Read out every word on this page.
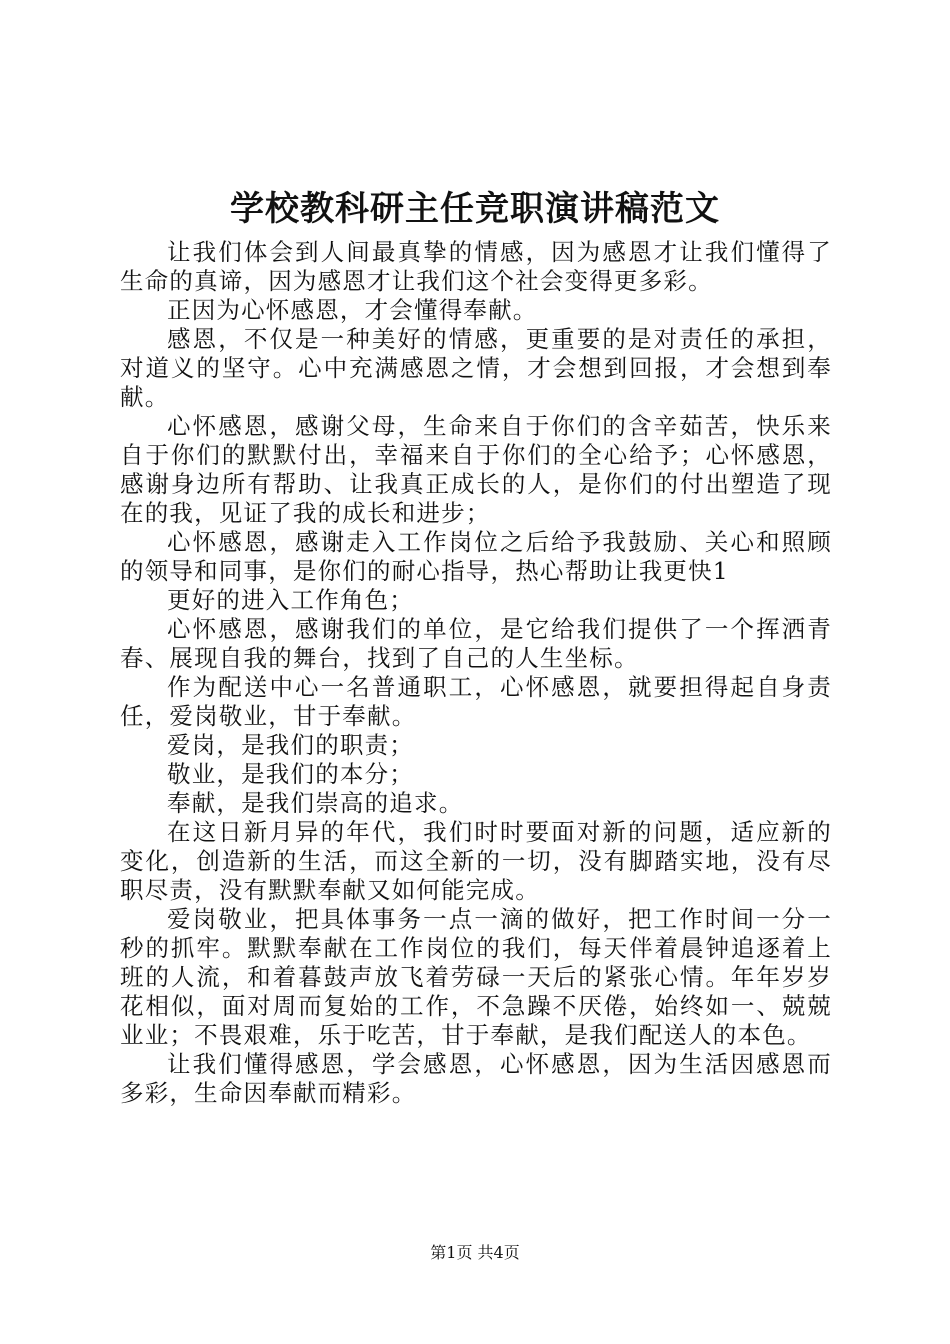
学校教科研主任竞职演讲稿范文

让我们体会到人间最真挚的情感，因为感恩才让我们懂得了生命的真谛，因为感恩才让我们这个社会变得更多彩。

正因为心怀感恩，才会懂得奉献。

感恩，不仅是一种美好的情感，更重要的是对责任的承担，对道义的坚守。心中充满感恩之情，才会想到回报，才会想到奉献。

心怀感恩，感谢父母，生命来自于你们的含辛茹苦，快乐来自于你们的默默付出，幸福来自于你们的全心给予；心怀感恩，感谢身边所有帮助、让我真正成长的人，是你们的付出塑造了现在的我，见证了我的成长和进步；

心怀感恩，感谢走入工作岗位之后给予我鼓励、关心和照顾的领导和同事，是你们的耐心指导，热心帮助让我更快1

更好的进入工作角色；

心怀感恩，感谢我们的单位，是它给我们提供了一个挥洒青春、展现自我的舞台，找到了自己的人生坐标。

作为配送中心一名普通职工，心怀感恩，就要担得起自身责任，爱岗敬业，甘于奉献。

爱岗，是我们的职责；

敬业，是我们的本分；

奉献，是我们崇高的追求。

在这日新月异的年代，我们时时要面对新的问题，适应新的变化，创造新的生活，而这全新的一切，没有脚踏实地，没有尽职尽责，没有默默奉献又如何能完成。

爱岗敬业，把具体事务一点一滴的做好，把工作时间一分一秒的抓牢。默默奉献在工作岗位的我们，每天伴着晨钟追逐着上班的人流，和着暮鼓声放飞着劳碌一天后的紧张心情。年年岁岁花相似，面对周而复始的工作，不急躁不厌倦，始终如一、兢兢业业；不畏艰难，乐于吃苦，甘于奉献，是我们配送人的本色。

让我们懂得感恩，学会感恩，心怀感恩，因为生活因感恩而多彩，生命因奉献而精彩。

第1页 共4页
